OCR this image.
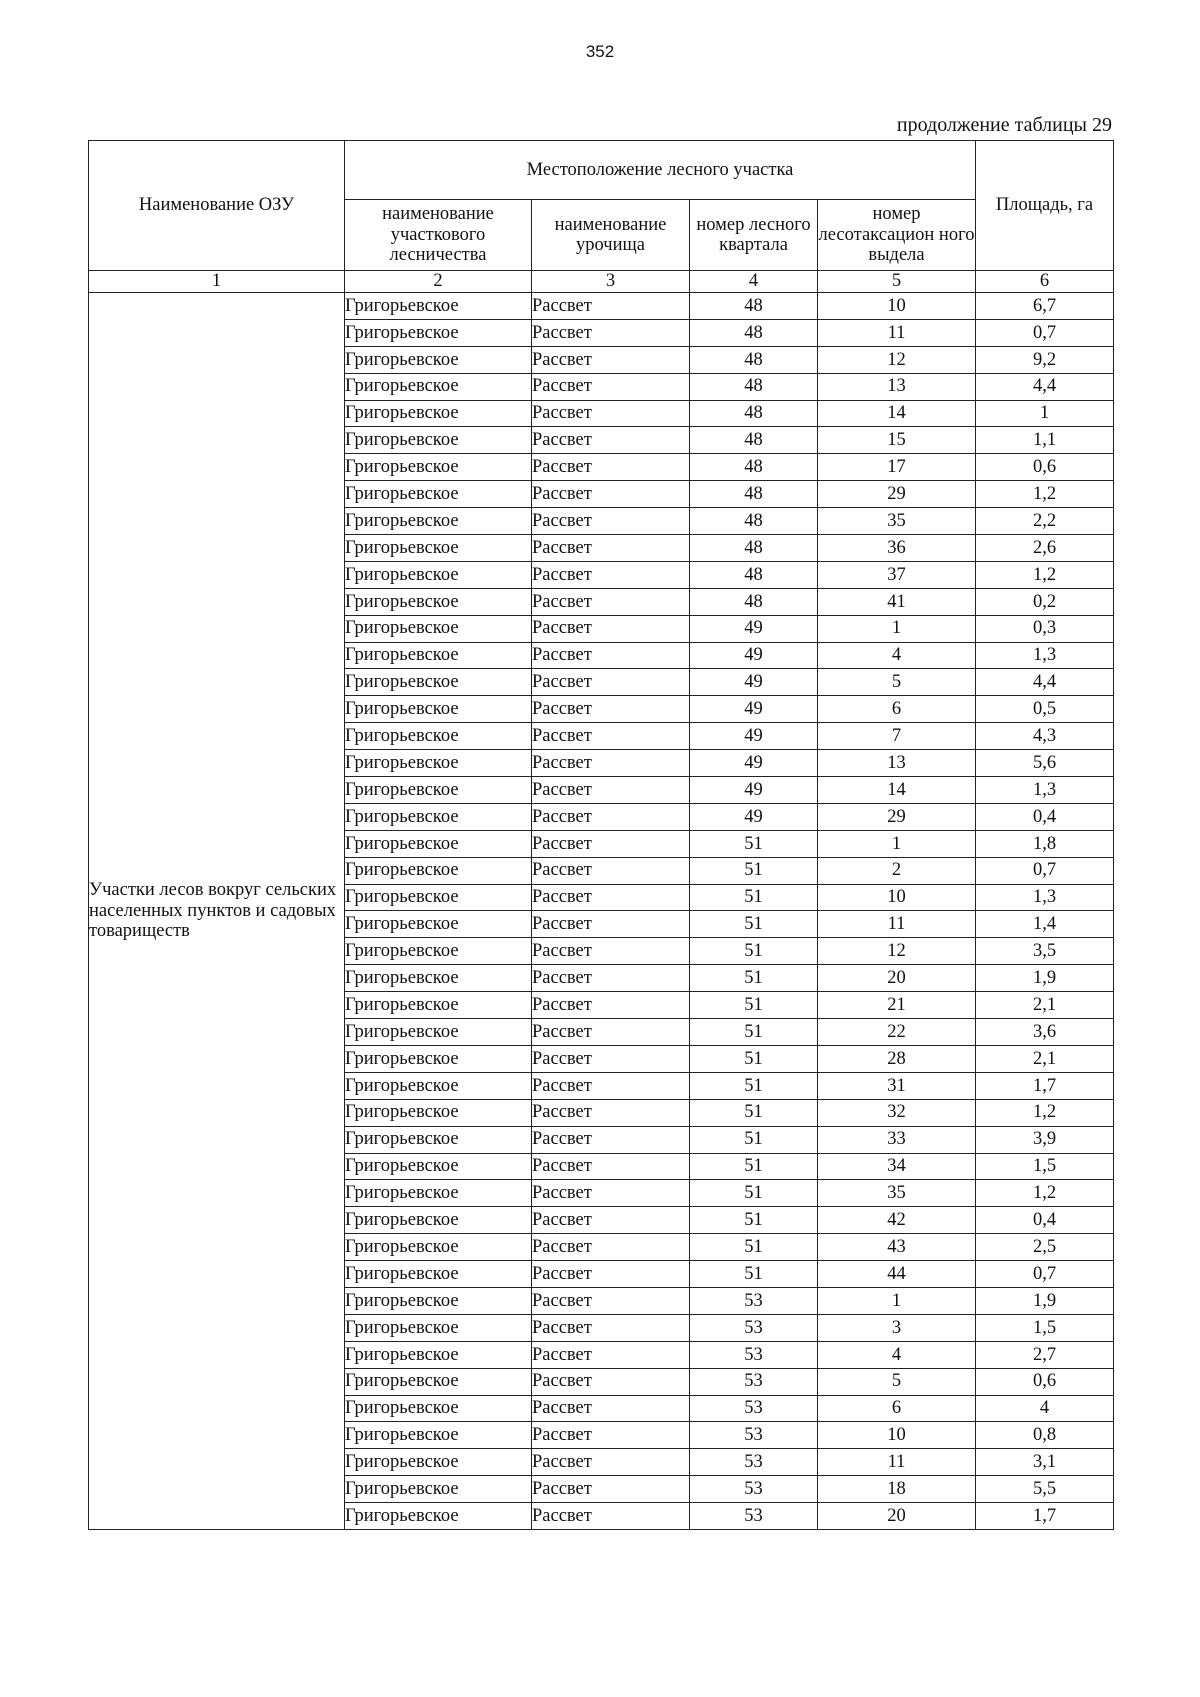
352
продолжение таблицы 29
Наименование ОЗУ	Местоположение лесного участка				Площадь, га
	наименование участкового лесничества	наименование урочища	номер лесного квартала	номер лесотаксацион ного выдела	
1	2	3	4	5	6
Участки лесов вокруг сельских населенных пунктов и садовых товариществ	Григорьевское	Рассвет	48	10	6,7
	Григорьевское	Рассвет	48	11	0,7
	Григорьевское	Рассвет	48	12	9,2
	Григорьевское	Рассвет	48	13	4,4
	Григорьевское	Рассвет	48	14	1
	Григорьевское	Рассвет	48	15	1,1
	Григорьевское	Рассвет	48	17	0,6
	Григорьевское	Рассвет	48	29	1,2
	Григорьевское	Рассвет	48	35	2,2
	Григорьевское	Рассвет	48	36	2,6
	Григорьевское	Рассвет	48	37	1,2
	Григорьевское	Рассвет	48	41	0,2
	Григорьевское	Рассвет	49	1	0,3
	Григорьевское	Рассвет	49	4	1,3
	Григорьевское	Рассвет	49	5	4,4
	Григорьевское	Рассвет	49	6	0,5
	Григорьевское	Рассвет	49	7	4,3
	Григорьевское	Рассвет	49	13	5,6
	Григорьевское	Рассвет	49	14	1,3
	Григорьевское	Рассвет	49	29	0,4
	Григорьевское	Рассвет	51	1	1,8
	Григорьевское	Рассвет	51	2	0,7
	Григорьевское	Рассвет	51	10	1,3
	Григорьевское	Рассвет	51	11	1,4
	Григорьевское	Рассвет	51	12	3,5
	Григорьевское	Рассвет	51	20	1,9
	Григорьевское	Рассвет	51	21	2,1
	Григорьевское	Рассвет	51	22	3,6
	Григорьевское	Рассвет	51	28	2,1
	Григорьевское	Рассвет	51	31	1,7
	Григорьевское	Рассвет	51	32	1,2
	Григорьевское	Рассвет	51	33	3,9
	Григорьевское	Рассвет	51	34	1,5
	Григорьевское	Рассвет	51	35	1,2
	Григорьевское	Рассвет	51	42	0,4
	Григорьевское	Рассвет	51	43	2,5
	Григорьевское	Рассвет	51	44	0,7
	Григорьевское	Рассвет	53	1	1,9
	Григорьевское	Рассвет	53	3	1,5
	Григорьевское	Рассвет	53	4	2,7
	Григорьевское	Рассвет	53	5	0,6
	Григорьевское	Рассвет	53	6	4
	Григорьевское	Рассвет	53	10	0,8
	Григорьевское	Рассвет	53	11	3,1
	Григорьевское	Рассвет	53	18	5,5
	Григорьевское	Рассвет	53	20	1,7
